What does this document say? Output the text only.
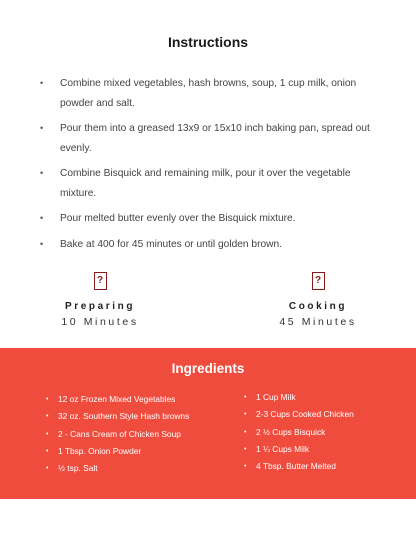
Instructions
• Combine mixed vegetables, hash browns, soup, 1 cup milk, onion powder and salt.
• Pour them into a greased 13x9 or 15x10 inch baking pan, spread out evenly.
• Combine Bisquick and remaining milk, pour it over the vegetable mixture.
• Pour melted butter evenly over the Bisquick mixture.
• Bake at 400 for 45 minutes or until golden brown.
?
Preparing
10 Minutes
?
Cooking
45 Minutes
Ingredients
• 12 oz Frozen Mixed Vegetables
• 32 oz. Southern Style Hash browns
• 2 - Cans Cream of Chicken Soup
• 1 Tbsp. Onion Powder
• ½ tsp. Salt
• 1 Cup Milk
• 2-3 Cups Cooked Chicken
• 2 ½ Cups Bisquick
• 1 ¼ Cups Milk
• 4 Tbsp. Butter Melted
